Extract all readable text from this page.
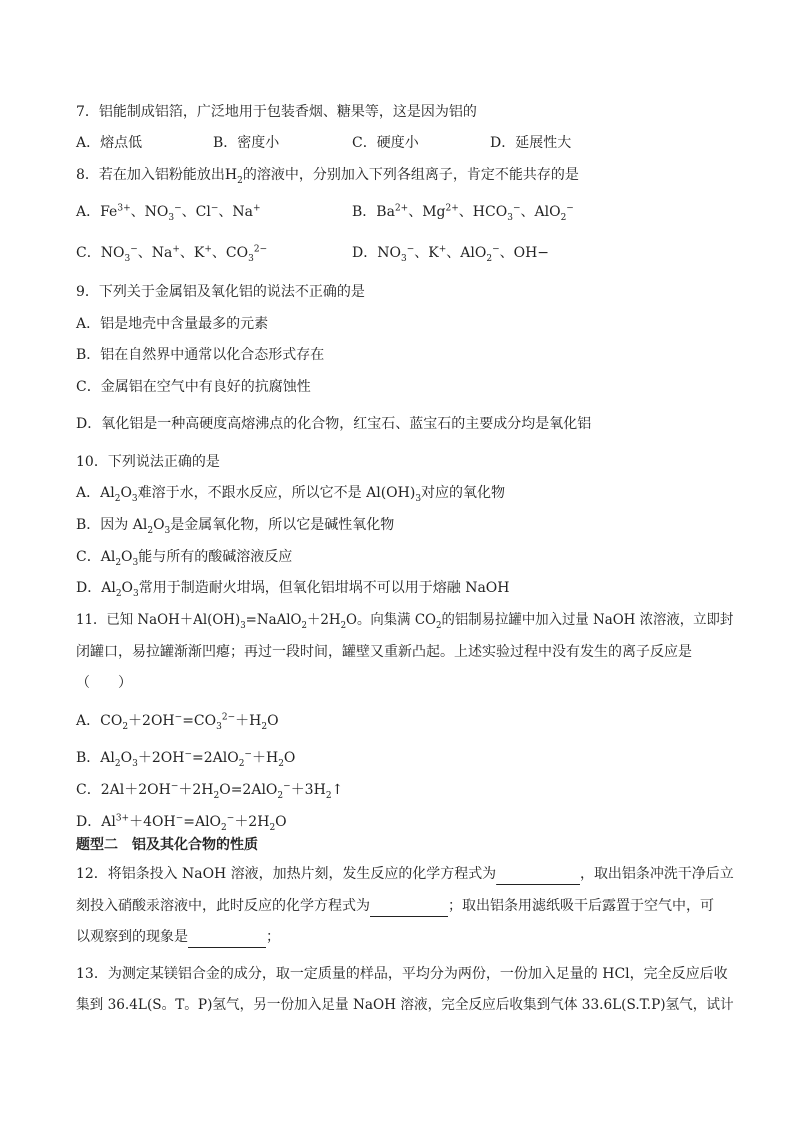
7．铝能制成铝箔，广泛地用于包装香烟、糖果等，这是因为铝的
A．熔点低	B．密度小	C．硬度小	D．延展性大
8．若在加入铝粉能放出$H_2$的溶液中，分别加入下列各组离子，肯定不能共存的是
A．$Fe^{3+}$、$NO_3^-$、Cl−、Na+	B．$Ba^{2+}$、$Mg^{2+}$、$HCO_3^-$、AlO$_2$−
C．$NO_3^-$、Na+、K+、$CO_3^{2-}$	D．$NO_3^-$、K+、AlO$_2$−、OH−
9．下列关于金属铝及氧化铝的说法不正确的是
A．铝是地壳中含量最多的元素
B．铝在自然界中通常以化合态形式存在
C．金属铝在空气中有良好的抗腐蚀性
D．氧化铝是一种高硬度高熔沸点的化合物，红宝石、蓝宝石的主要成分均是氧化铝
10．下列说法正确的是
A．$Al_2O_3$难溶于水，不跟水反应，所以它不是 $Al(OH)_3$对应的氧化物
B．因为 $Al_2O_3$是金属氧化物，所以它是碱性氧化物
C．$Al_2O_3$能与所有的酸碱溶液反应
D．$Al_2O_3$常用于制造耐火坩埚，但氧化铝坩埚不可以用于熔融 NaOH
11．已知 $NaOH+Al(OH)_3=NaAlO_2+2H_2O$。向集满 $CO_2$的铝制易拉罐中加入过量 NaOH 浓溶液，立即封
闭罐口，易拉罐渐渐凹瘪；再过一段时间，罐壁又重新凸起。上述实验过程中没有发生的离子反应是
（　　）
A．$CO_2+2OH^-=CO_3^{2-}+H_2O$
B．$Al_2O_3+2OH^-=2AlO_2^-+H_2O$
C．$2Al+2OH^-+2H_2O=2AlO_2^-+3H_2↑$
D．$Al^{3+}+4OH^-=AlO_2^-+2H_2O$
题型二　铝及其化合物的性质
12．将铝条投入 NaOH 溶液，加热片刻，发生反应的化学方程式为	，取出铝条冲洗干净后立
刻投入硝酸汞溶液中，此时反应的化学方程式为	；取出铝条用滤纸吸干后露置于空气中，可
以观察到的现象是	；
13．为测定某镁铝合金的成分，取一定质量的样品，平均分为两份，一份加入足量的 HCl，完全反应后收
集到 36.4L(S。T。P)氢气，另一份加入足量 NaOH 溶液，完全反应后收集到气体 33.6L(S.T.P)氢气，试计
